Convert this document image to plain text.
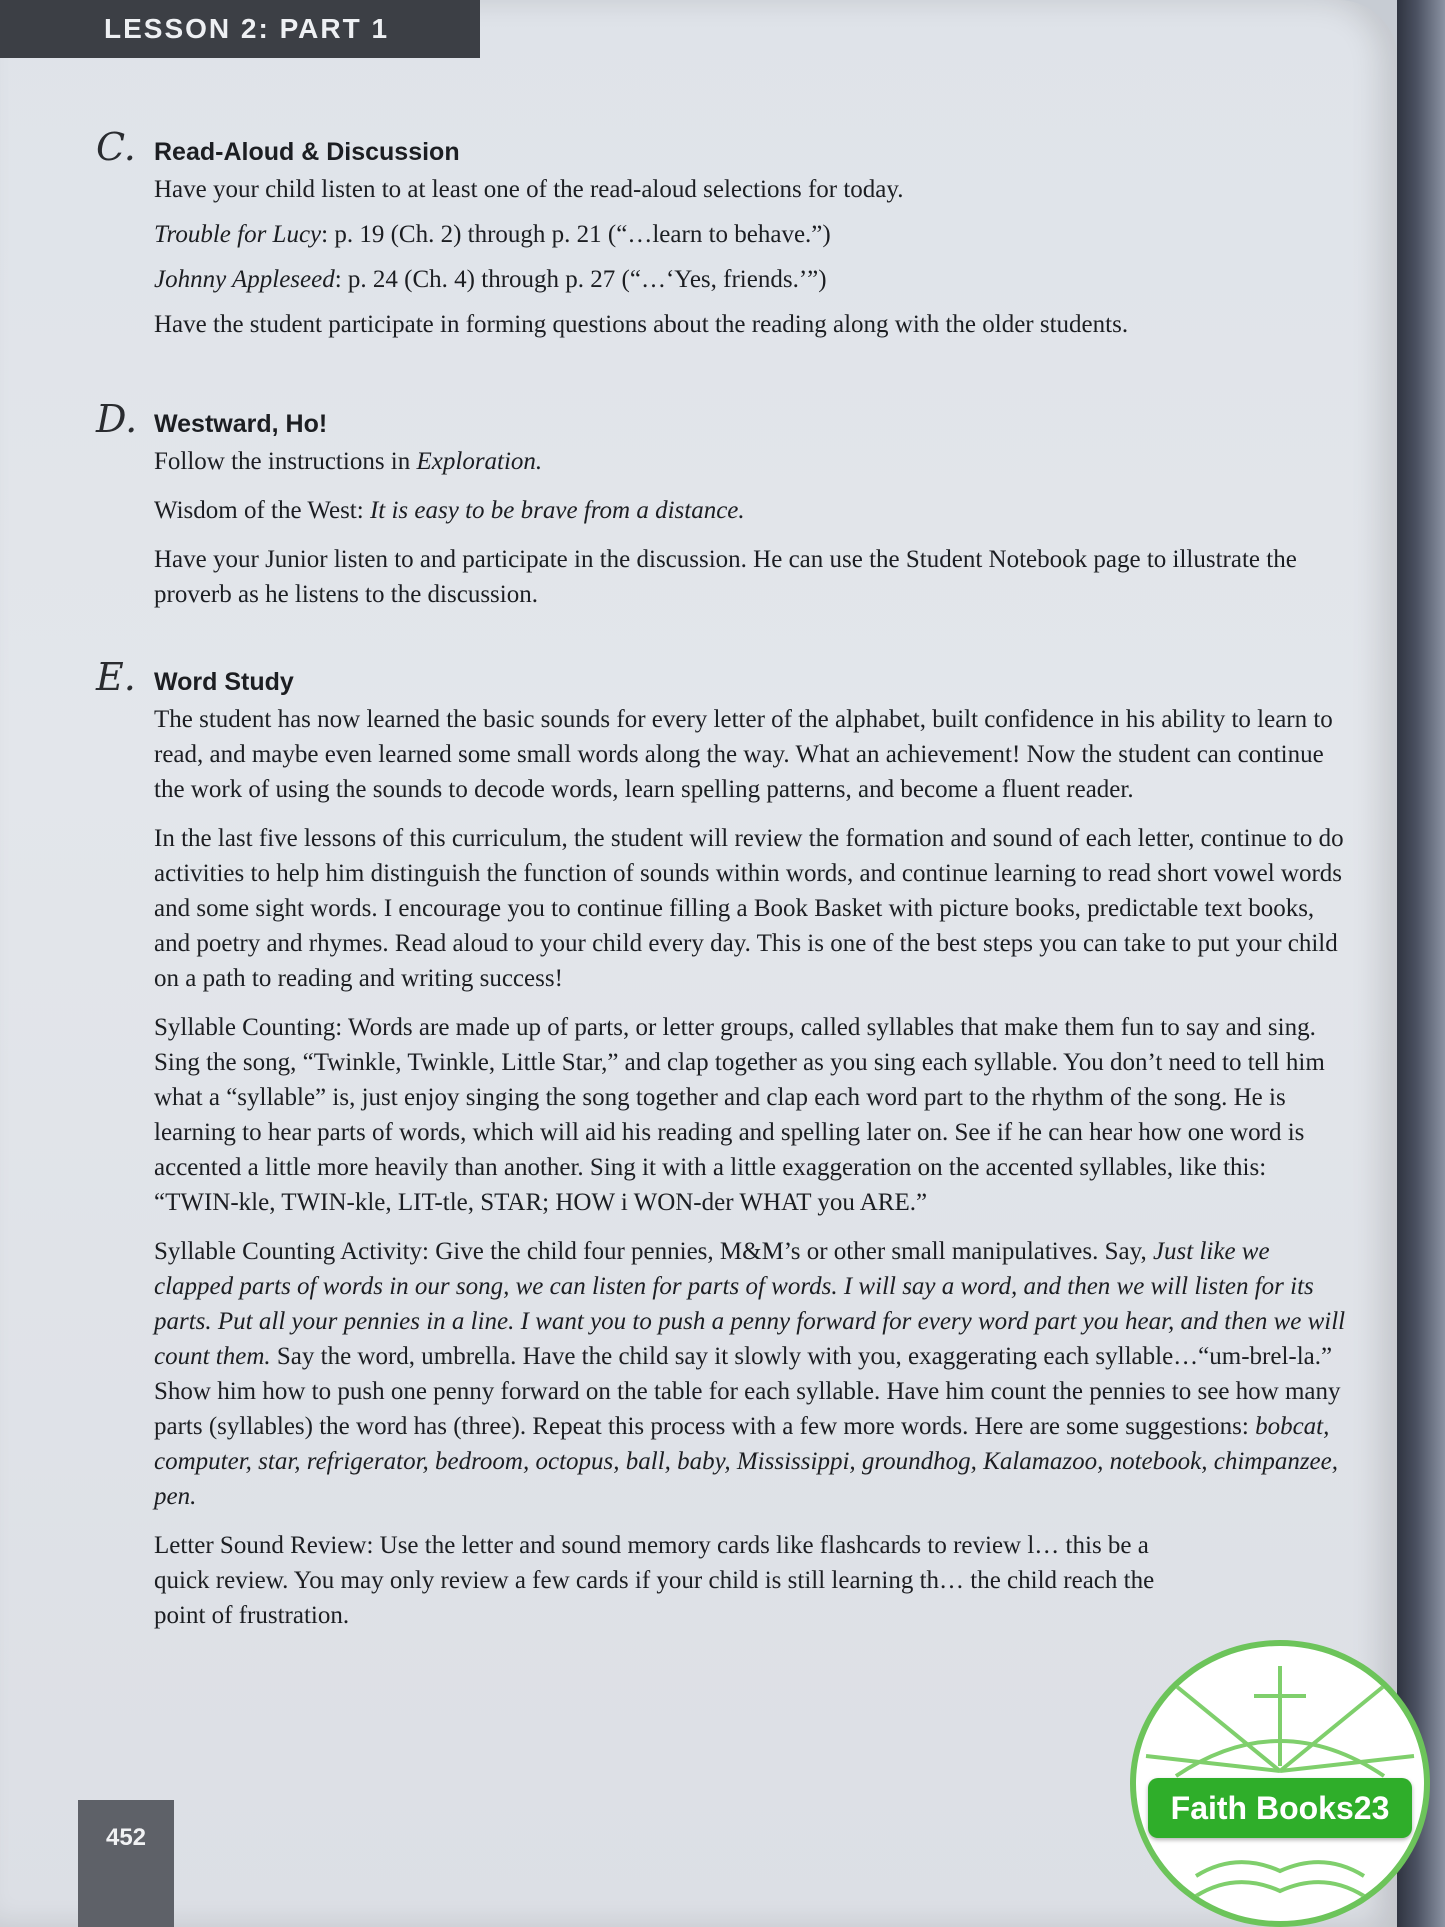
LESSON 2: PART 1
C. Read-Aloud & Discussion

Have your child listen to at least one of the read-aloud selections for today.

Trouble for Lucy: p. 19 (Ch. 2) through p. 21 (“…learn to behave.”)

Johnny Appleseed: p. 24 (Ch. 4) through p. 27 (“…‘Yes, friends.’”)

Have the student participate in forming questions about the reading along with the older students.

D. Westward, Ho!

Follow the instructions in Exploration.

Wisdom of the West: It is easy to be brave from a distance.

Have your Junior listen to and participate in the discussion. He can use the Student Notebook page to illustrate the proverb as he listens to the discussion.

E. Word Study

The student has now learned the basic sounds for every letter of the alphabet, built confidence in his ability to learn to read, and maybe even learned some small words along the way. What an achievement! Now the student can continue the work of using the sounds to decode words, learn spelling patterns, and become a fluent reader.

In the last five lessons of this curriculum, the student will review the formation and sound of each letter, continue to do activities to help him distinguish the function of sounds within words, and continue learning to read short vowel words and some sight words. I encourage you to continue filling a Book Basket with picture books, predictable text books, and poetry and rhymes. Read aloud to your child every day. This is one of the best steps you can take to put your child on a path to reading and writing success!

Syllable Counting: Words are made up of parts, or letter groups, called syllables that make them fun to say and sing. Sing the song, “Twinkle, Twinkle, Little Star,” and clap together as you sing each syllable. You don’t need to tell him what a “syllable” is, just enjoy singing the song together and clap each word part to the rhythm of the song. He is learning to hear parts of words, which will aid his reading and spelling later on. See if he can hear how one word is accented a little more heavily than another. Sing it with a little exaggeration on the accented syllables, like this: “TWIN-kle, TWIN-kle, LIT-tle, STAR; HOW i WON-der WHAT you ARE.”

Syllable Counting Activity: Give the child four pennies, M&M’s or other small manipulatives. Say, Just like we clapped parts of words in our song, we can listen for parts of words. I will say a word, and then we will listen for its parts. Put all your pennies in a line. I want you to push a penny forward for every word part you hear, and then we will count them. Say the word, umbrella. Have the child say it slowly with you, exaggerating each syllable…“um-brel-la.” Show him how to push one penny forward on the table for each syllable. Have him count the pennies to see how many parts (syllables) the word has (three). Repeat this process with a few more words. Here are some suggestions: bobcat, computer, star, refrigerator, bedroom, octopus, ball, baby, Mississippi, groundhog, Kalamazoo, notebook, chimpanzee, pen.

Letter Sound Review: Use the letter and sound memory cards like flashcards to review l… this be a quick review. You may only review a few cards if your child is still learning th… the child reach the point of frustration.

452
Faith Books23
